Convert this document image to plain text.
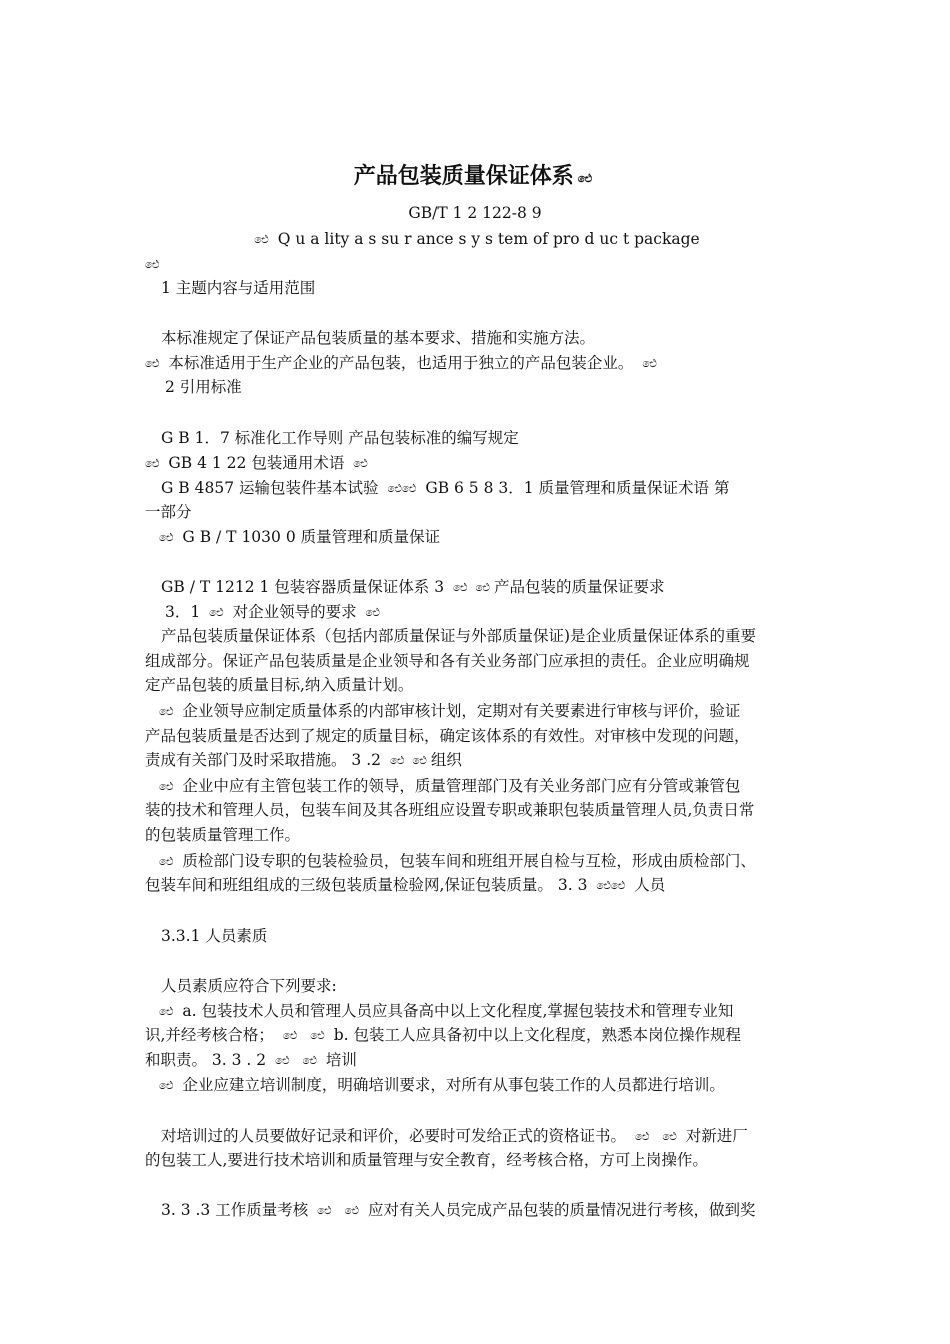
产品包装质量保证体系 ඓ
GB/T 1 2 122-8 9
ඓ Q u a lity a s su r ance s y s tem of pro d uc t package
ඓ
1 主题内容与适用范围
本标准规定了保证产品包装质量的基本要求、措施和实施方法。
ඓ 本标准适用于生产企业的产品包装，也适用于独立的产品包装企业。 ඓ
2 引用标准
G B 1．7 标准化工作导则 产品包装标准的编写规定
ඓ GB 4 1 22 包装通用术语 ඓ
G B 4857 运输包装件基本试验 ඓඓ GB 6 5 8 3．1 质量管理和质量保证术语 第
一部分
ඓ G B / T 1030 0 质量管理和质量保证
GB / T 1212 1 包装容器质量保证体系 3 ඓ ඓ 产品包装的质量保证要求
3．1 ඓ 对企业领导的要求 ඓ
产品包装质量保证体系（包括内部质量保证与外部质量保证)是企业质量保证体系的重要
组成部分。保证产品包装质量是企业领导和各有关业务部门应承担的责任。企业应明确规
定产品包装的质量目标,纳入质量计划。
ඓ 企业领导应制定质量体系的内部审核计划，定期对有关要素进行审核与评价，验证
产品包装质量是否达到了规定的质量目标，确定该体系的有效性。对审核中发现的问题，
责成有关部门及时采取措施。 3 .2 ඓ ඓ 组织
ඓ 企业中应有主管包装工作的领导，质量管理部门及有关业务部门应有分管或兼管包
装的技术和管理人员，包装车间及其各班组应设置专职或兼职包装质量管理人员,负责日常
的包装质量管理工作。
ඓ 质检部门设专职的包装检验员，包装车间和班组开展自检与互检，形成由质检部门、
包装车间和班组组成的三级包装质量检验网,保证包装质量。 3. 3 ඓඓ 人员
3.3.1 人员素质
人员素质应符合下列要求:
ඓ a. 包装技术人员和管理人员应具备高中以上文化程度,掌握包装技术和管理专业知
识,并经考核合格； ඓ ඓ b. 包装工人应具备初中以上文化程度，熟悉本岗位操作规程
和职责。 3. 3 . 2 ඓ ඓ 培训
ඓ 企业应建立培训制度，明确培训要求，对所有从事包装工作的人员都进行培训。
对培训过的人员要做好记录和评价，必要时可发给正式的资格证书。 ඓ ඓ 对新进厂
的包装工人,要进行技术培训和质量管理与安全教育，经考核合格，方可上岗操作。
3. 3 .3 工作质量考核 ඓ ඓ 应对有关人员完成产品包装的质量情况进行考核，做到奖
